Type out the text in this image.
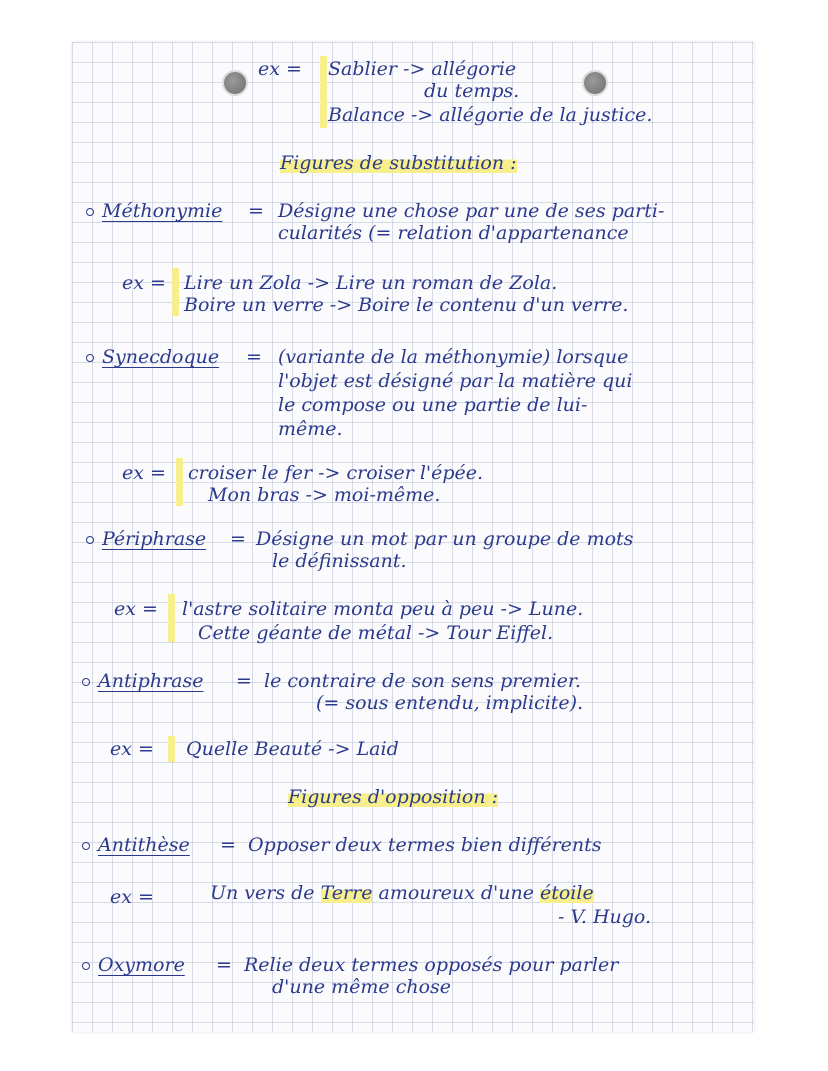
ex = Sablier -> allégorie
du temps.
Balance -> allégorie de la justice.
Figures de substitution :
Méthonymie = Désigne une chose par une de ses parti-
cularités (= relation d'appartenance
ex = Lire un Zola -> Lire un roman de Zola.
Boire un verre -> Boire le contenu d'un verre.
Synecdoque = (variante de la méthonymie) lorsque
l'objet est désigné par la matière qui
le compose ou une partie de lui-
même.
ex = croiser le fer -> croiser l'épée.
Mon bras -> moi-même.
Périphrase = Désigne un mot par un groupe de mots
le définissant.
ex = l'astre solitaire monta peu à peu -> Lune.
Cette géante de métal -> Tour Eiffel.
Antiphrase = le contraire de son sens premier.
(= sous entendu, implicite).
ex = Quelle Beauté -> Laid
Figures d'opposition :
Antithèse = Opposer deux termes bien différents
ex =	Un vers de Terre amoureux d'une étoile
- V. Hugo.
Oxymore = Relie deux termes opposés pour parler
d'une même chose
